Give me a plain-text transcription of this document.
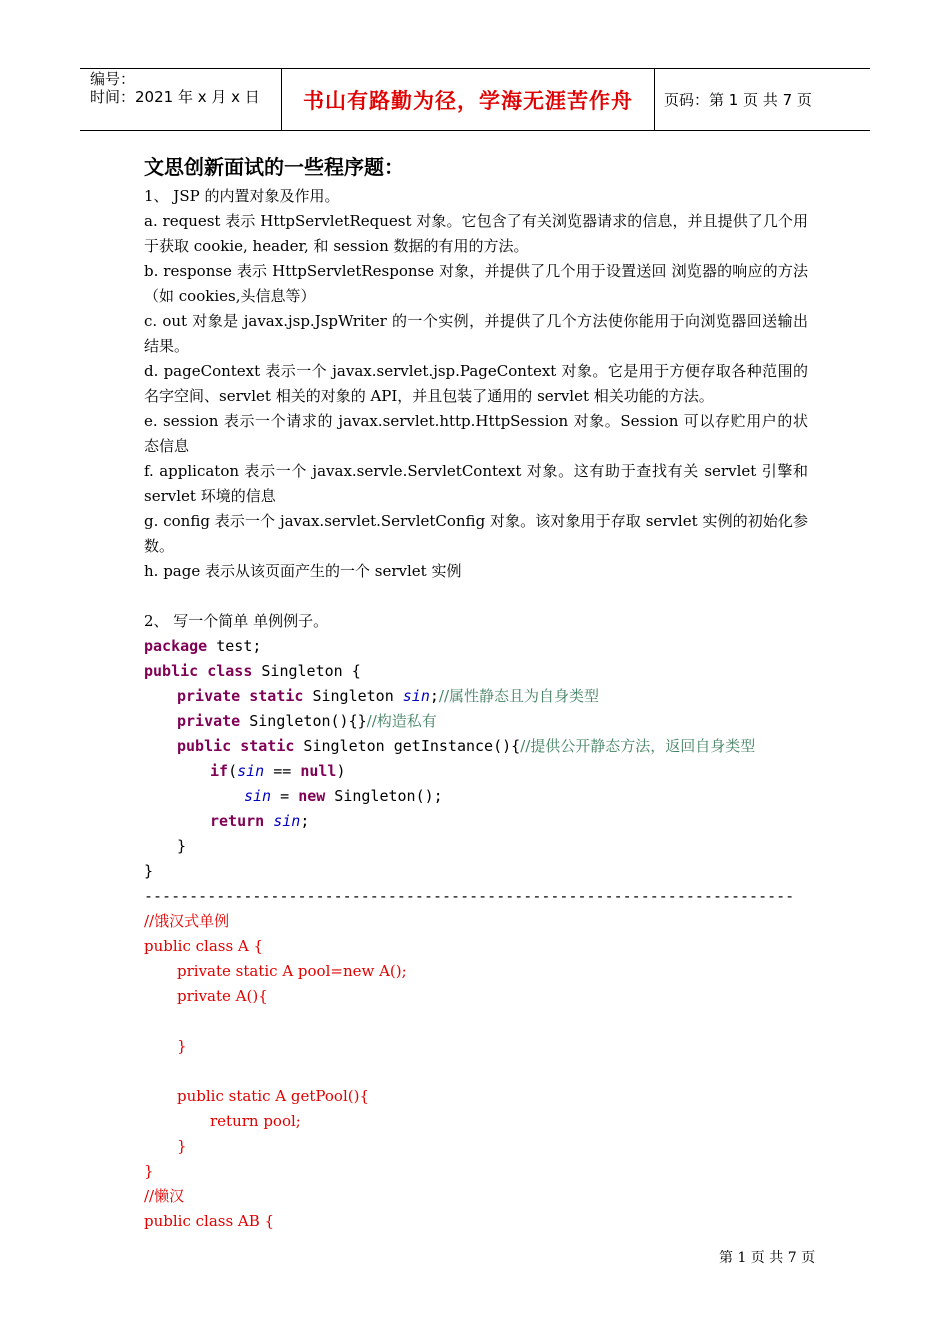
编号：
时间：2021 年 x 月 x 日 书山有路勤为径，学海无涯苦作舟 页码：第 1 页 共 7 页
文思创新面试的一些程序题：

1、 JSP 的内置对象及作用。

a. request 表示 HttpServletRequest 对象。它包含了有关浏览器请求的信息，并且提供了几个用于获取 cookie, header, 和 session 数据的有用的方法。

b. response 表示 HttpServletResponse 对象，并提供了几个用于设置送回 浏览器的响应的方法（如 cookies,头信息等）

c. out 对象是 javax.jsp.JspWriter 的一个实例，并提供了几个方法使你能用于向浏览器回送输出结果。

d. pageContext 表示一个 javax.servlet.jsp.PageContext 对象。它是用于方便存取各种范围的名字空间、servlet 相关的对象的 API，并且包装了通用的 servlet 相关功能的方法。

e. session 表示一个请求的 javax.servlet.http.HttpSession 对象。Session 可以存贮用户的状态信息

f. applicaton 表示一个 javax.servle.ServletContext 对象。这有助于查找有关 servlet 引擎和 servlet 环境的信息

g. config 表示一个 javax.servlet.ServletConfig 对象。该对象用于存取 servlet 实例的初始化参数。

h. page 表示从该页面产生的一个 servlet 实例

2、 写一个简单 单例例子。

package test;
public class Singleton {
private static Singleton sin;//属性静态且为自身类型
private Singleton(){}//构造私有
public static Singleton getInstance(){//提供公开静态方法，返回自身类型
if(sin == null)
sin = new Singleton();
return sin;
}
}
------------------------------------------------------------------------
//饿汉式单例
public class A {
private static A pool=new A();
private A(){
}
public static A getPool(){
return pool;
}
}
//懒汉
public class AB {
第 1 页 共 7 页
